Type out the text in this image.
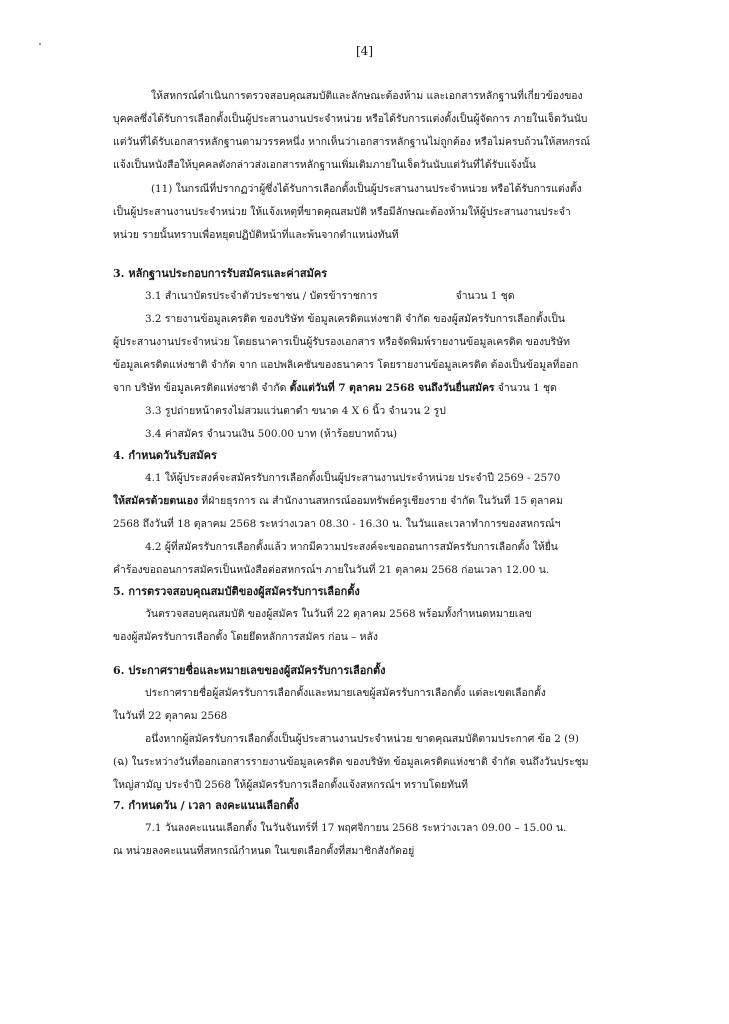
[4]
ให้สหกรณ์ดำเนินการตรวจสอบคุณสมบัติและลักษณะต้องห้าม และเอกสารหลักฐานที่เกี่ยวข้องของ
บุคคลซึ่งได้รับการเลือกตั้งเป็นผู้ประสานงานประจำหน่วย หรือได้รับการแต่งตั้งเป็นผู้จัดการ ภายในเจ็ดวันนับ
แต่วันที่ได้รับเอกสารหลักฐานตามวรรคหนึ่ง หากเห็นว่าเอกสารหลักฐานไม่ถูกต้อง หรือไม่ครบถ้วนให้สหกรณ์
แจ้งเป็นหนังสือให้บุคคลดังกล่าวส่งเอกสารหลักฐานเพิ่มเติมภายในเจ็ดวันนับแต่วันที่ได้รับแจ้งนั้น
(11) ในกรณีที่ปรากฏว่าผู้ซึ่งได้รับการเลือกตั้งเป็นผู้ประสานงานประจำหน่วย หรือได้รับการแต่งตั้ง
เป็นผู้ประสานงานประจำหน่วย ให้แจ้งเหตุที่ขาดคุณสมบัติ หรือมีลักษณะต้องห้ามให้ผู้ประสานงานประจำ
หน่วย รายนั้นทราบเพื่อหยุดปฏิบัติหน้าที่และพ้นจากตำแหน่งทันที
3. หลักฐานประกอบการรับสมัครและค่าสมัคร
3.1 สำเนาบัตรประจำตัวประชาชน / บัตรข้าราชการ	จำนวน 1 ชุด
3.2 รายงานข้อมูลเครดิต ของบริษัท ข้อมูลเครดิตแห่งชาติ จำกัด ของผู้สมัครรับการเลือกตั้งเป็น
ผู้ประสานงานประจำหน่วย โดยธนาคารเป็นผู้รับรองเอกสาร หรือจัดพิมพ์รายงานข้อมูลเครดิต ของบริษัท
ข้อมูลเครดิตแห่งชาติ จำกัด จาก แอปพลิเคชันของธนาคาร โดยรายงานข้อมูลเครดิต ต้องเป็นข้อมูลที่ออก
จาก บริษัท ข้อมูลเครดิตแห่งชาติ จำกัด ตั้งแต่วันที่ 7 ตุลาคม 2568 จนถึงวันยื่นสมัคร จำนวน 1 ชุด
3.3 รูปถ่ายหน้าตรงไม่สวมแว่นตาดำ ขนาด 4 X 6 นิ้ว จำนวน 2 รูป
3.4 ค่าสมัคร จำนวนเงิน 500.00 บาท (ห้าร้อยบาทถ้วน)
4. กำหนดวันรับสมัคร
4.1 ให้ผู้ประสงค์จะสมัครรับการเลือกตั้งเป็นผู้ประสานงานประจำหน่วย ประจำปี 2569 - 2570
ให้สมัครด้วยตนเอง ที่ฝ่ายธุรการ ณ สำนักงานสหกรณ์ออมทรัพย์ครูเชียงราย จำกัด ในวันที่ 15 ตุลาคม
2568 ถึงวันที่ 18 ตุลาคม 2568 ระหว่างเวลา 08.30 - 16.30 น. ในวันและเวลาทำการของสหกรณ์ฯ
4.2 ผู้ที่สมัครรับการเลือกตั้งแล้ว หากมีความประสงค์จะขอถอนการสมัครรับการเลือกตั้ง ให้ยื่น
คำร้องขอถอนการสมัครเป็นหนังสือต่อสหกรณ์ฯ ภายในวันที่ 21 ตุลาคม 2568 ก่อนเวลา 12.00 น.
5. การตรวจสอบคุณสมบัติของผู้สมัครรับการเลือกตั้ง
วันตรวจสอบคุณสมบัติ ของผู้สมัคร ในวันที่ 22 ตุลาคม 2568 พร้อมทั้งกำหนดหมายเลข
ของผู้สมัครรับการเลือกตั้ง โดยยึดหลักการสมัคร ก่อน – หลัง
6. ประกาศรายชื่อและหมายเลขของผู้สมัครรับการเลือกตั้ง
ประกาศรายชื่อผู้สมัครรับการเลือกตั้งและหมายเลขผู้สมัครรับการเลือกตั้ง แต่ละเขตเลือกตั้ง
ในวันที่ 22 ตุลาคม 2568
อนึ่งหากผู้สมัครรับการเลือกตั้งเป็นผู้ประสานงานประจำหน่วย ขาดคุณสมบัติตามประกาศ ข้อ 2 (9)
(ฉ) ในระหว่างวันที่ออกเอกสารรายงานข้อมูลเครดิต ของบริษัท ข้อมูลเครดิตแห่งชาติ จำกัด จนถึงวันประชุม
ใหญ่สามัญ ประจำปี 2568 ให้ผู้สมัครรับการเลือกตั้งแจ้งสหกรณ์ฯ ทราบโดยทันที
7. กำหนดวัน / เวลา ลงคะแนนเลือกตั้ง
7.1 วันลงคะแนนเลือกตั้ง ในวันจันทร์ที่ 17 พฤศจิกายน 2568 ระหว่างเวลา 09.00 – 15.00 น.
ณ หน่วยลงคะแนนที่สหกรณ์กำหนด ในเขตเลือกตั้งที่สมาชิกสังกัดอยู่
